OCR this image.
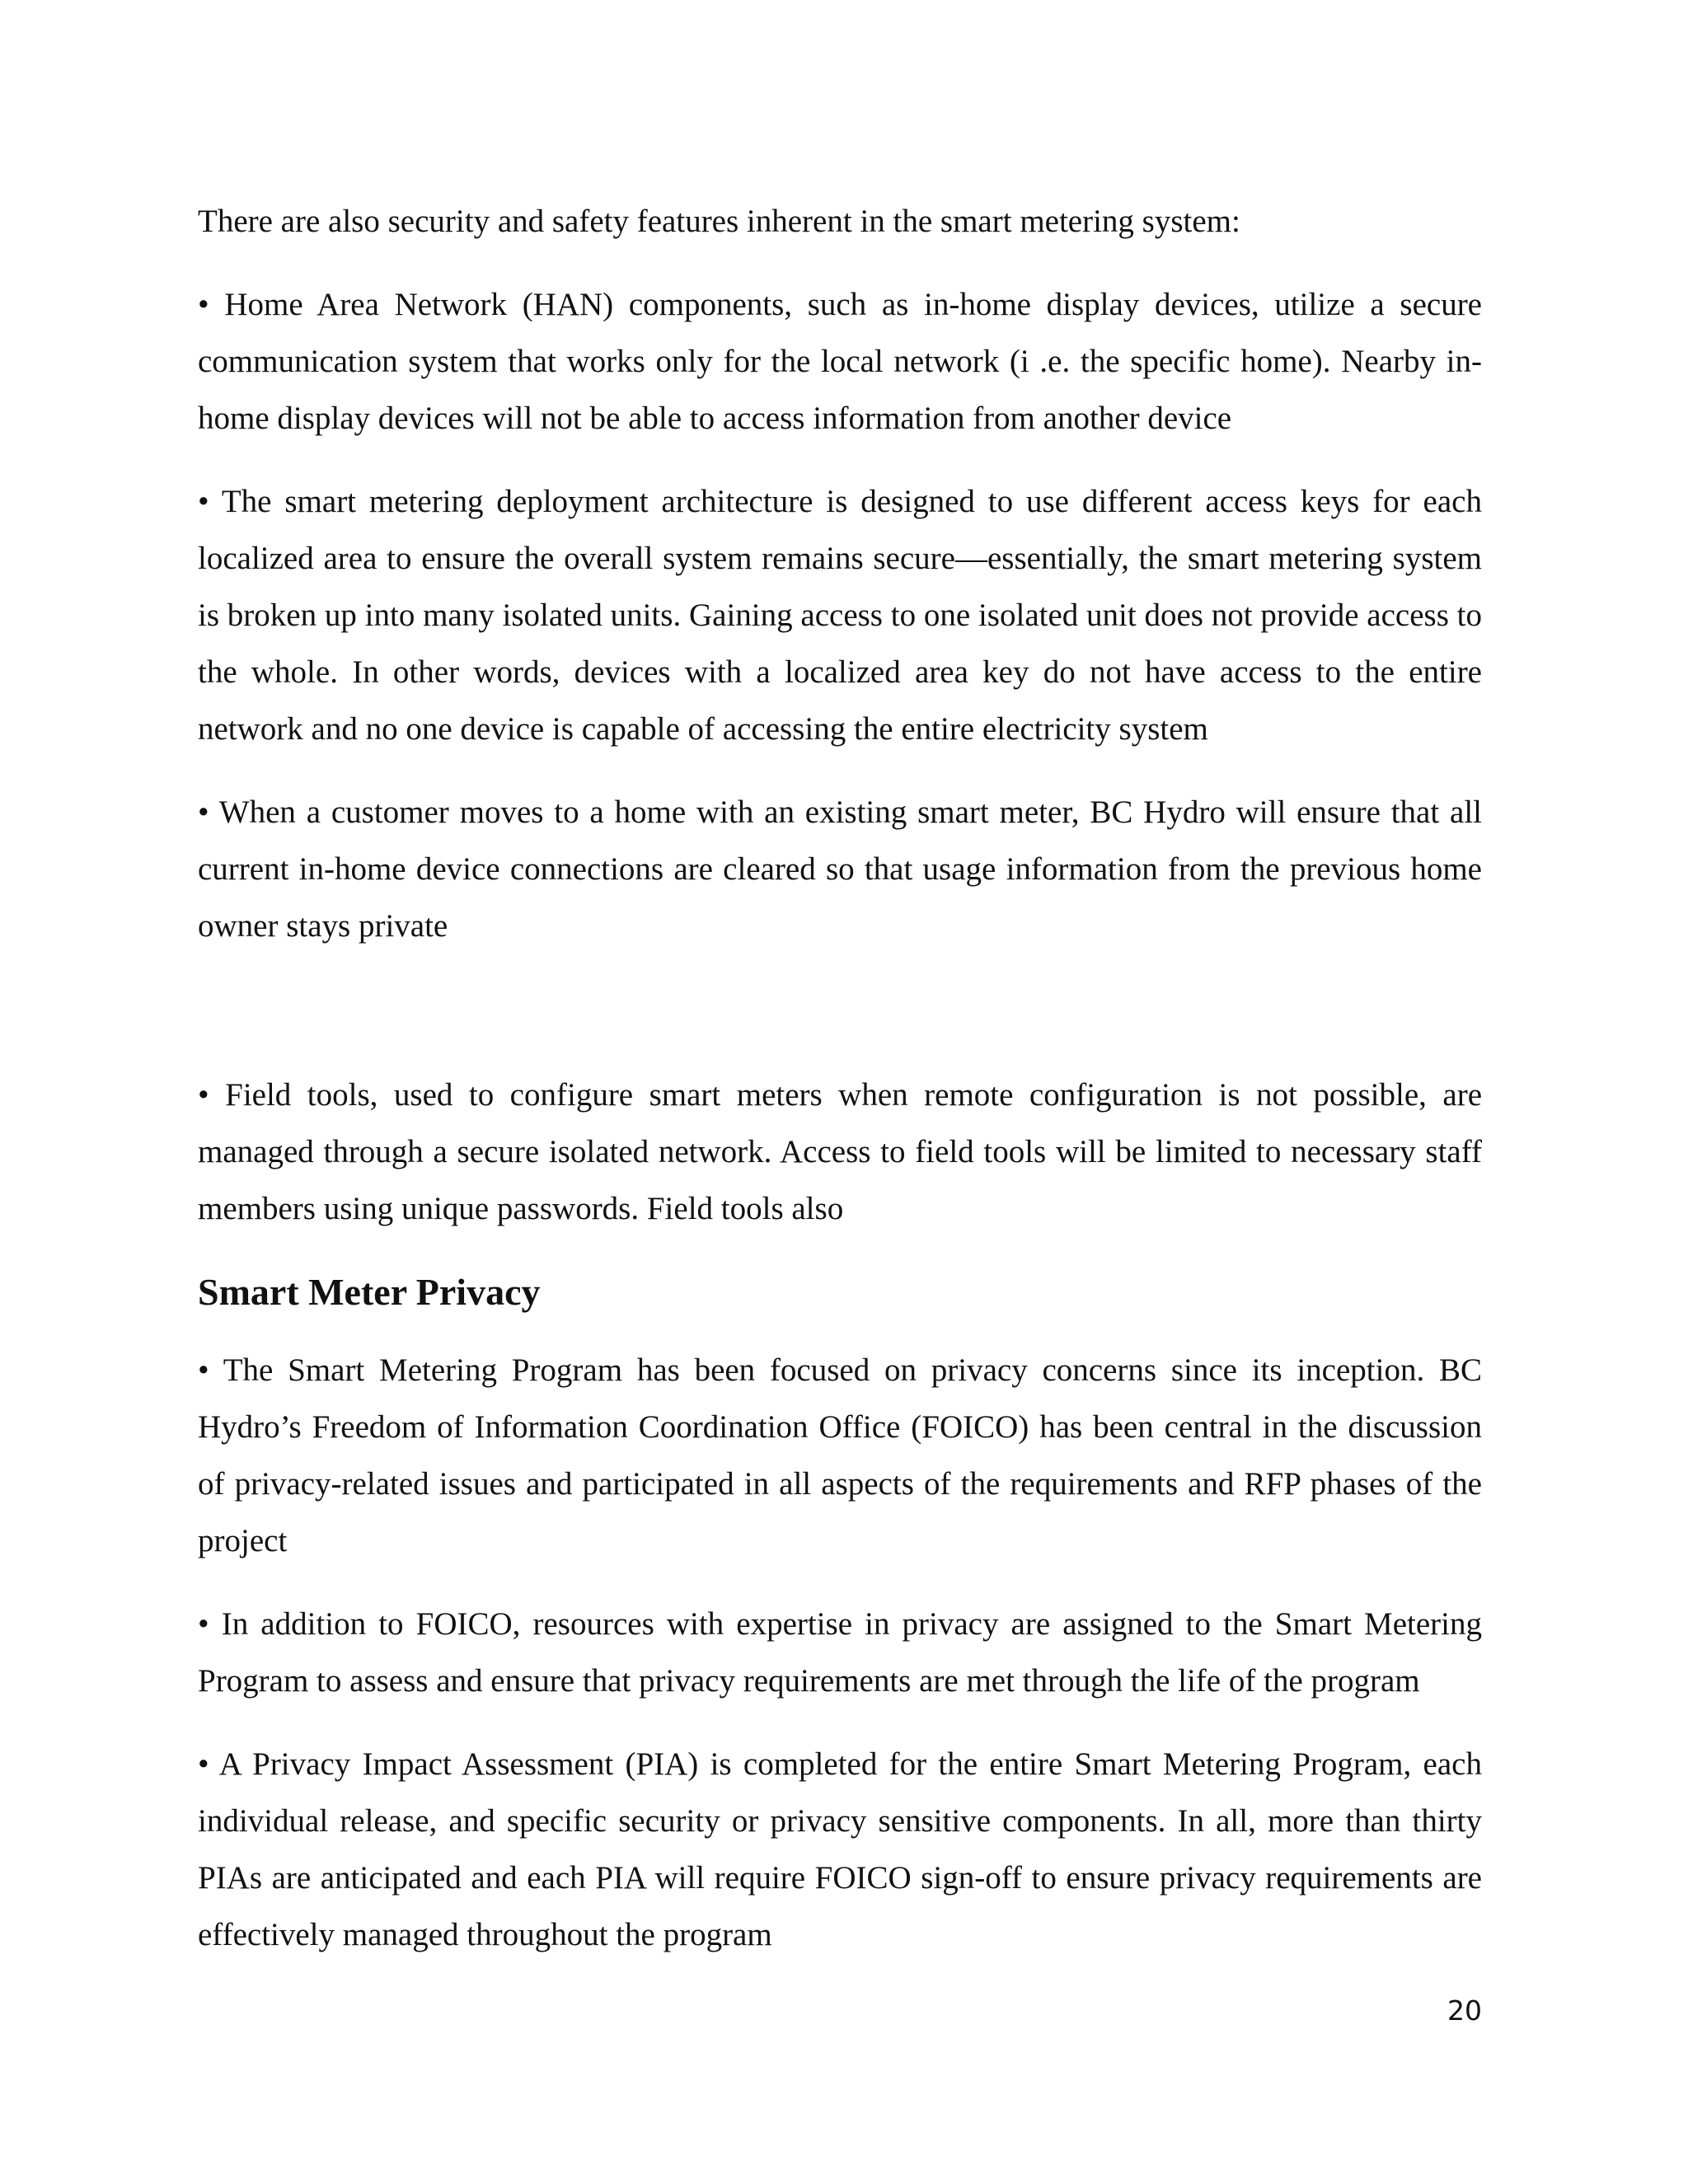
There are also security and safety features inherent in the smart metering system:

• Home Area Network (HAN) components, such as in-home display devices, utilize a secure communication system that works only for the local network (i .e. the specific home). Nearby in-home display devices will not be able to access information from another device

• The smart metering deployment architecture is designed to use different access keys for each localized area to ensure the overall system remains secure—essentially, the smart metering system is broken up into many isolated units. Gaining access to one isolated unit does not provide access to the whole. In other words, devices with a localized area key do not have access to the entire network and no one device is capable of accessing the entire electricity system

• When a customer moves to a home with an existing smart meter, BC Hydro will ensure that all current in-home device connections are cleared so that usage information from the previous home owner stays private

• Field tools, used to configure smart meters when remote configuration is not possible, are managed through a secure isolated network. Access to field tools will be limited to necessary staff members using unique passwords. Field tools also

Smart Meter Privacy

• The Smart Metering Program has been focused on privacy concerns since its inception. BC Hydro’s Freedom of Information Coordination Office (FOICO) has been central in the discussion of privacy-related issues and participated in all aspects of the requirements and RFP phases of the project

• In addition to FOICO, resources with expertise in privacy are assigned to the Smart Metering Program to assess and ensure that privacy requirements are met through the life of the program

• A Privacy Impact Assessment (PIA) is completed for the entire Smart Metering Program, each individual release, and specific security or privacy sensitive components. In all, more than thirty PIAs are anticipated and each PIA will require FOICO sign-off to ensure privacy requirements are effectively managed throughout the program

20
